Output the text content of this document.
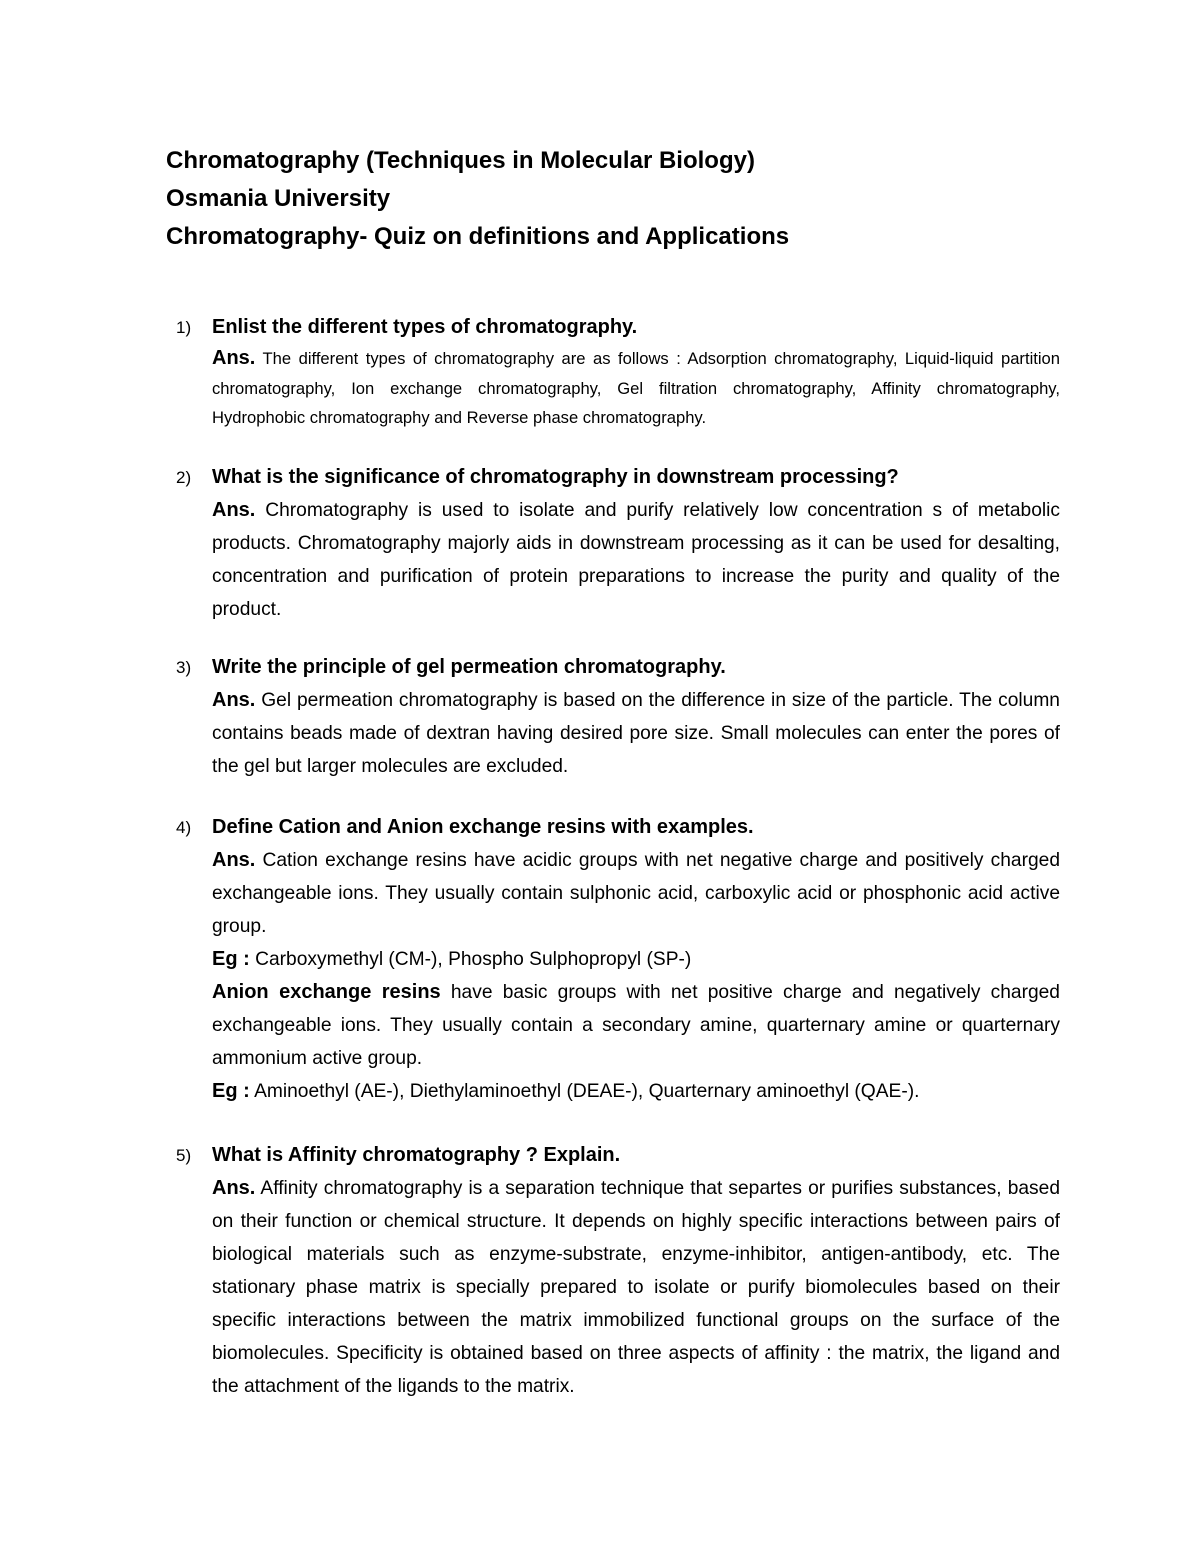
Chromatography (Techniques in Molecular Biology)
Osmania University
Chromatography- Quiz on definitions and Applications
1) Enlist the different types of chromatography.
Ans. The different types of chromatography are as follows : Adsorption chromatography, Liquid-liquid partition chromatography, Ion exchange chromatography, Gel filtration chromatography, Affinity chromatography, Hydrophobic chromatography and Reverse phase chromatography.
2) What is the significance of chromatography in downstream processing?
Ans. Chromatography is used to isolate and purify relatively low concentration s of metabolic products. Chromatography majorly aids in downstream processing as it can be used for desalting, concentration and purification of protein preparations to increase the purity and quality of the product.
3) Write the principle of gel permeation chromatography.
Ans. Gel permeation chromatography is based on the difference in size of the particle. The column contains beads made of dextran having desired pore size. Small molecules can enter the pores of the gel but larger molecules are excluded.
4) Define Cation and Anion exchange resins with examples.

Ans. Cation exchange resins have acidic groups with net negative charge and positively charged exchangeable ions. They usually contain sulphonic acid, carboxylic acid or phosphonic acid active group.

Eg : Carboxymethyl (CM-), Phospho Sulphopropyl (SP-)

Anion exchange resins have basic groups with net positive charge and negatively charged exchangeable ions. They usually contain a secondary amine, quarternary amine or quarternary ammonium active group.

Eg : Aminoethyl (AE-), Diethylaminoethyl (DEAE-), Quarternary aminoethyl (QAE-).

5) What is Affinity chromatography ? Explain.
Ans. Affinity chromatography is a separation technique that separtes or purifies substances, based on their function or chemical structure. It depends on highly specific interactions between pairs of biological materials such as enzyme-substrate, enzyme-inhibitor, antigen-antibody, etc. The stationary phase matrix is specially prepared to isolate or purify biomolecules based on their specific interactions between the matrix immobilized functional groups on the surface of the biomolecules. Specificity is obtained based on three aspects of affinity : the matrix, the ligand and the attachment of the ligands to the matrix.
